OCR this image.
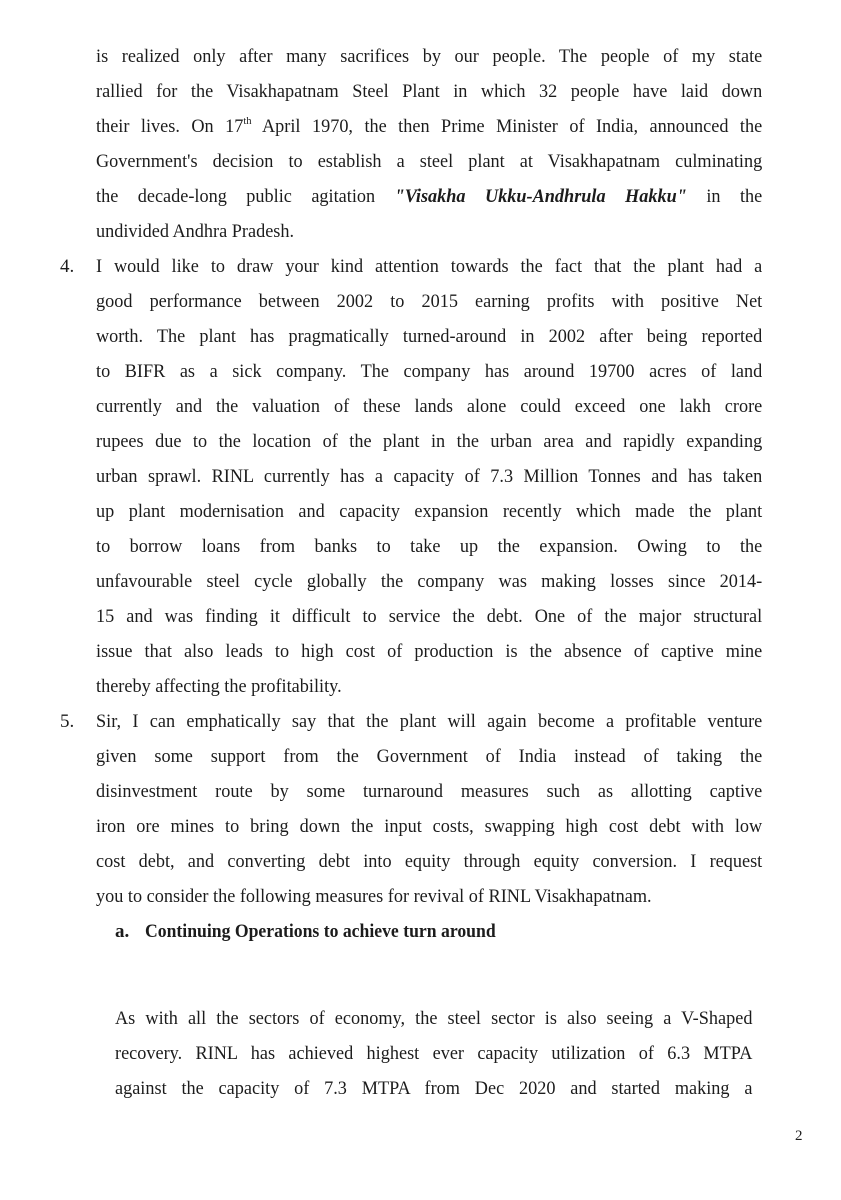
is realized only after many sacrifices by our people. The people of my state
rallied for the Visakhapatnam Steel Plant in which 32 people have laid down
their lives. On 17th April 1970, the then Prime Minister of India, announced the
Government's decision to establish a steel plant at Visakhapatnam culminating
the decade-long public agitation "Visakha Ukku-Andhrula Hakku" in the
undivided Andhra Pradesh.
4. I would like to draw your kind attention towards the fact that the plant had a
good performance between 2002 to 2015 earning profits with positive Net
worth. The plant has pragmatically turned-around in 2002 after being reported
to BIFR as a sick company. The company has around 19700 acres of land
currently and the valuation of these lands alone could exceed one lakh crore
rupees due to the location of the plant in the urban area and rapidly expanding
urban sprawl. RINL currently has a capacity of 7.3 Million Tonnes and has taken
up plant modernisation and capacity expansion recently which made the plant
to borrow loans from banks to take up the expansion. Owing to the
unfavourable steel cycle globally the company was making losses since 2014-
15 and was finding it difficult to service the debt. One of the major structural
issue that also leads to high cost of production is the absence of captive mine
thereby affecting the profitability.
5. Sir, I can emphatically say that the plant will again become a profitable venture
given some support from the Government of India instead of taking the
disinvestment route by some turnaround measures such as allotting captive
iron ore mines to bring down the input costs, swapping high cost debt with low
cost debt, and converting debt into equity through equity conversion. I request
you to consider the following measures for revival of RINL Visakhapatnam.
a. Continuing Operations to achieve turn around
As with all the sectors of economy, the steel sector is also seeing a V-Shaped
recovery. RINL has achieved highest ever capacity utilization of 6.3 MTPA
against the capacity of 7.3 MTPA from Dec 2020 and started making a
2
